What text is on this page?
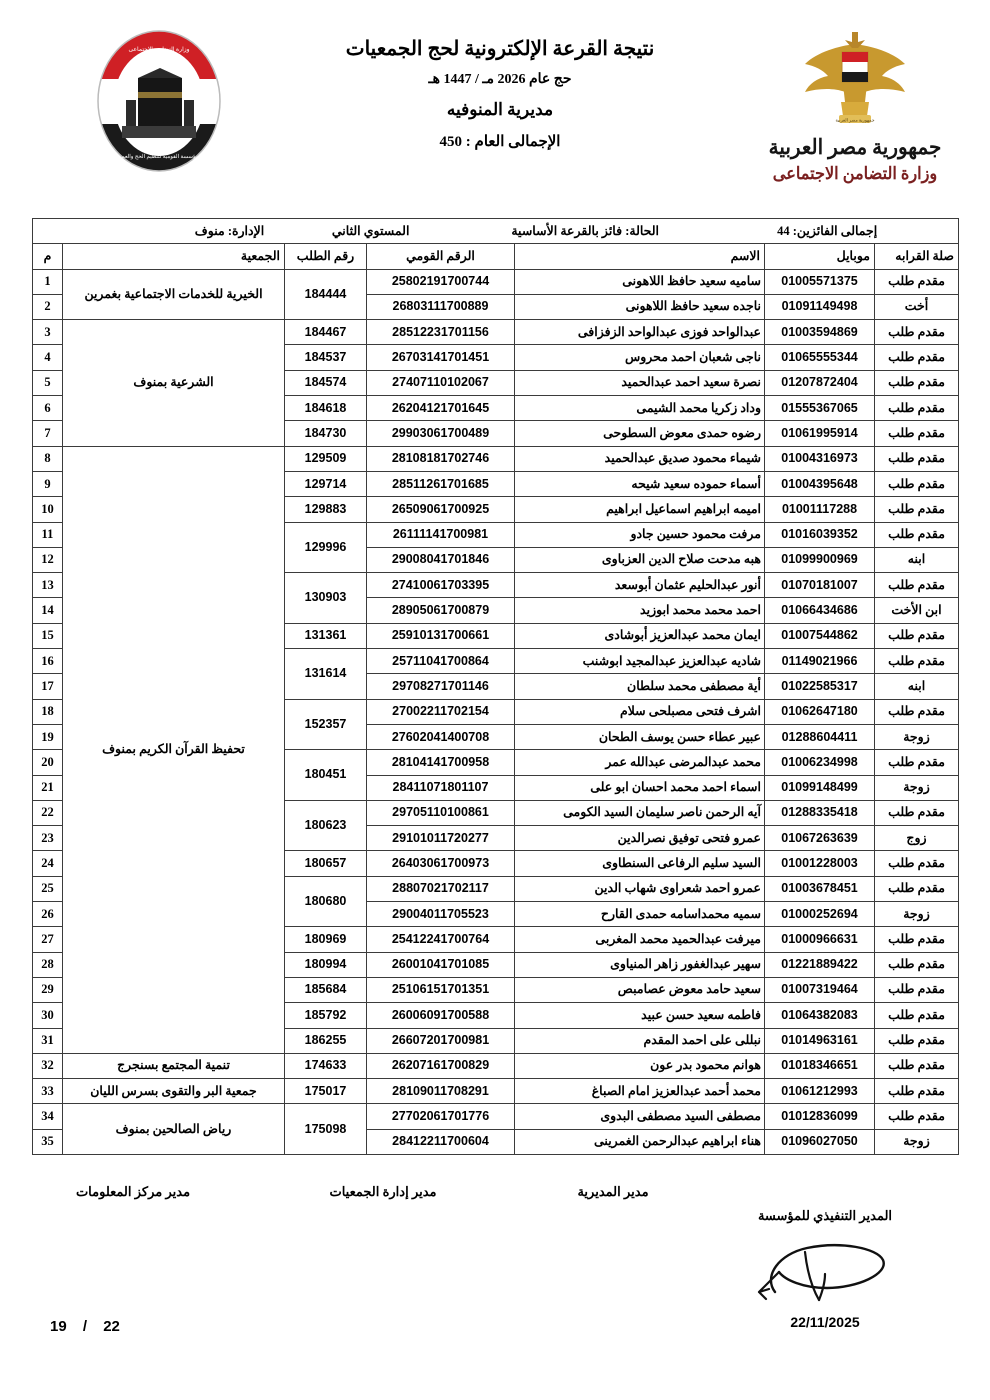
وزارة التضامن الاجتماعى
المؤسسة القومية لتنظيم الحج والعمرة
نتيجة القرعة الإلكترونية لحج الجمعيات
حج عام 2026 مـ / 1447 هـ
مديرية المنوفيه
الإجمالى العام : 450
جمهورية مصر العربية
جمهورية مصر العربية
وزارة التضامن الاجتماعى
إجمالى الفائزين: 44
الحالة: فائز بالقرعة الأساسية
المستوي الثاني
الإدارة: منوف						

صلة القرابه	موبايل	الاسم	الرقم القومي	رقم الطلب	الجمعية	م
مقدم طلب	01005571375	ساميه سعيد حافظ اللاهونى	25802191700744	184444	الخيرية للخدمات الاجتماعية بغمرين	1
أخت	01091149498	ناجده سعيد حافظ اللاهونى	26803111700889			2
مقدم طلب	01003594869	عبدالواحد فوزى عبدالواحد الزفزافى	28512231701156	184467	الشرعية بمنوف	3
مقدم طلب	01065555344	ناجى شعبان احمد محروس	26703141701451	184537		4
مقدم طلب	01207872404	نصرة سعيد احمد عبدالحميد	27407110102067	184574		5
مقدم طلب	01555367065	وداد زكريا محمد الشيمى	26204121701645	184618		6
مقدم طلب	01061995914	رضوه حمدى معوض السطوحى	29903061700489	184730		7
مقدم طلب	01004316973	شيماء محمود صديق عبدالحميد	28108181702746	129509	تحفيظ القرآن الكريم بمنوف	8
مقدم طلب	01004395648	أسماء حموده سعيد شيحه	28511261701685	129714		9
مقدم طلب	01001117288	اميمه ابراهيم اسماعيل ابراهيم	26509061700925	129883		10
مقدم طلب	01016039352	مرفت محمود حسين جادو	26111141700981	129996		11
ابنه	01099900969	هبه مدحت صلاح الدين العزباوى	29008041701846			12
مقدم طلب	01070181007	أنور عبدالحليم عثمان أبوسعد	27410061703395	130903		13
ابن الأخت	01066434686	احمد محمد محمد ابوزيد	28905061700879			14
مقدم طلب	01007544862	ايمان محمد عبدالعزيز أبوشادى	25910131700661	131361		15
مقدم طلب	01149021966	شاديه عبدالعزيز عبدالمجيد ابوشنب	25711041700864	131614		16
ابنه	01022585317	أية مصطفى محمد سلطان	29708271701146			17
مقدم طلب	01062647180	اشرف فتحى مصبلحى سلام	27002211702154	152357		18
زوجة	01288604411	عبير عطاء حسن يوسف الطحان	27602041400708			19
مقدم طلب	01006234998	محمد عبدالمرضى عبدالله عمر	28104141700958	180451		20
زوجة	01099148499	اسماء احمد محمد احسان ابو على	28411071801107			21
مقدم طلب	01288335418	آيه الرحمن ناصر سليمان السيد الكومى	29705110100861	180623		22
زوج	01067263639	عمرو فتحى توفيق نصرالدين	29101011720277			23
مقدم طلب	01001228003	السيد سليم الرفاعى السنطاوى	26403061700973	180657		24
مقدم طلب	01003678451	عمرو احمد شعراوى شهاب الدين	28807021702117	180680		25
زوجة	01000252694	سميه محمداسامه حمدى القارح	29004011705523			26
مقدم طلب	01000966631	ميرفت عبدالحميد محمد المغربى	25412241700764	180969		27
مقدم طلب	01221889422	سهير عبدالغفور زاهر المنياوى	26001041701085	180994		28
مقدم طلب	01007319464	سعيد حامد معوض عصامبص	25106151701351	185684		29
مقدم طلب	01064382083	فاطمه سعيد حسن عبيد	26006091700588	185792		30
مقدم طلب	01014963161	نبللى على احمد المقدم	26607201700981	186255		31
مقدم طلب	01018346651	هوانم محمود بدر عون	26207161700829	174633	تنمية المجتمع بسنجرج	32
مقدم طلب	01061212993	محمد أحمد عبدالعزيز امام الصباغ	28109011708291	175017	جمعية البر والتقوى بسرس الليان	33
مقدم طلب	01012836099	مصطفى السيد مصطفى البدوى	27702061701776	175098	رياض الصالحين بمنوف	34
زوجة	01096027050	هناء ابراهيم عبدالرحمن الغمرينى	28412211700604			35
مدير مركز المعلومات	مدير إدارة الجمعيات	مدير المديرية
المدير التنفيذي للمؤسسة
22/11/2025
19 / 22
